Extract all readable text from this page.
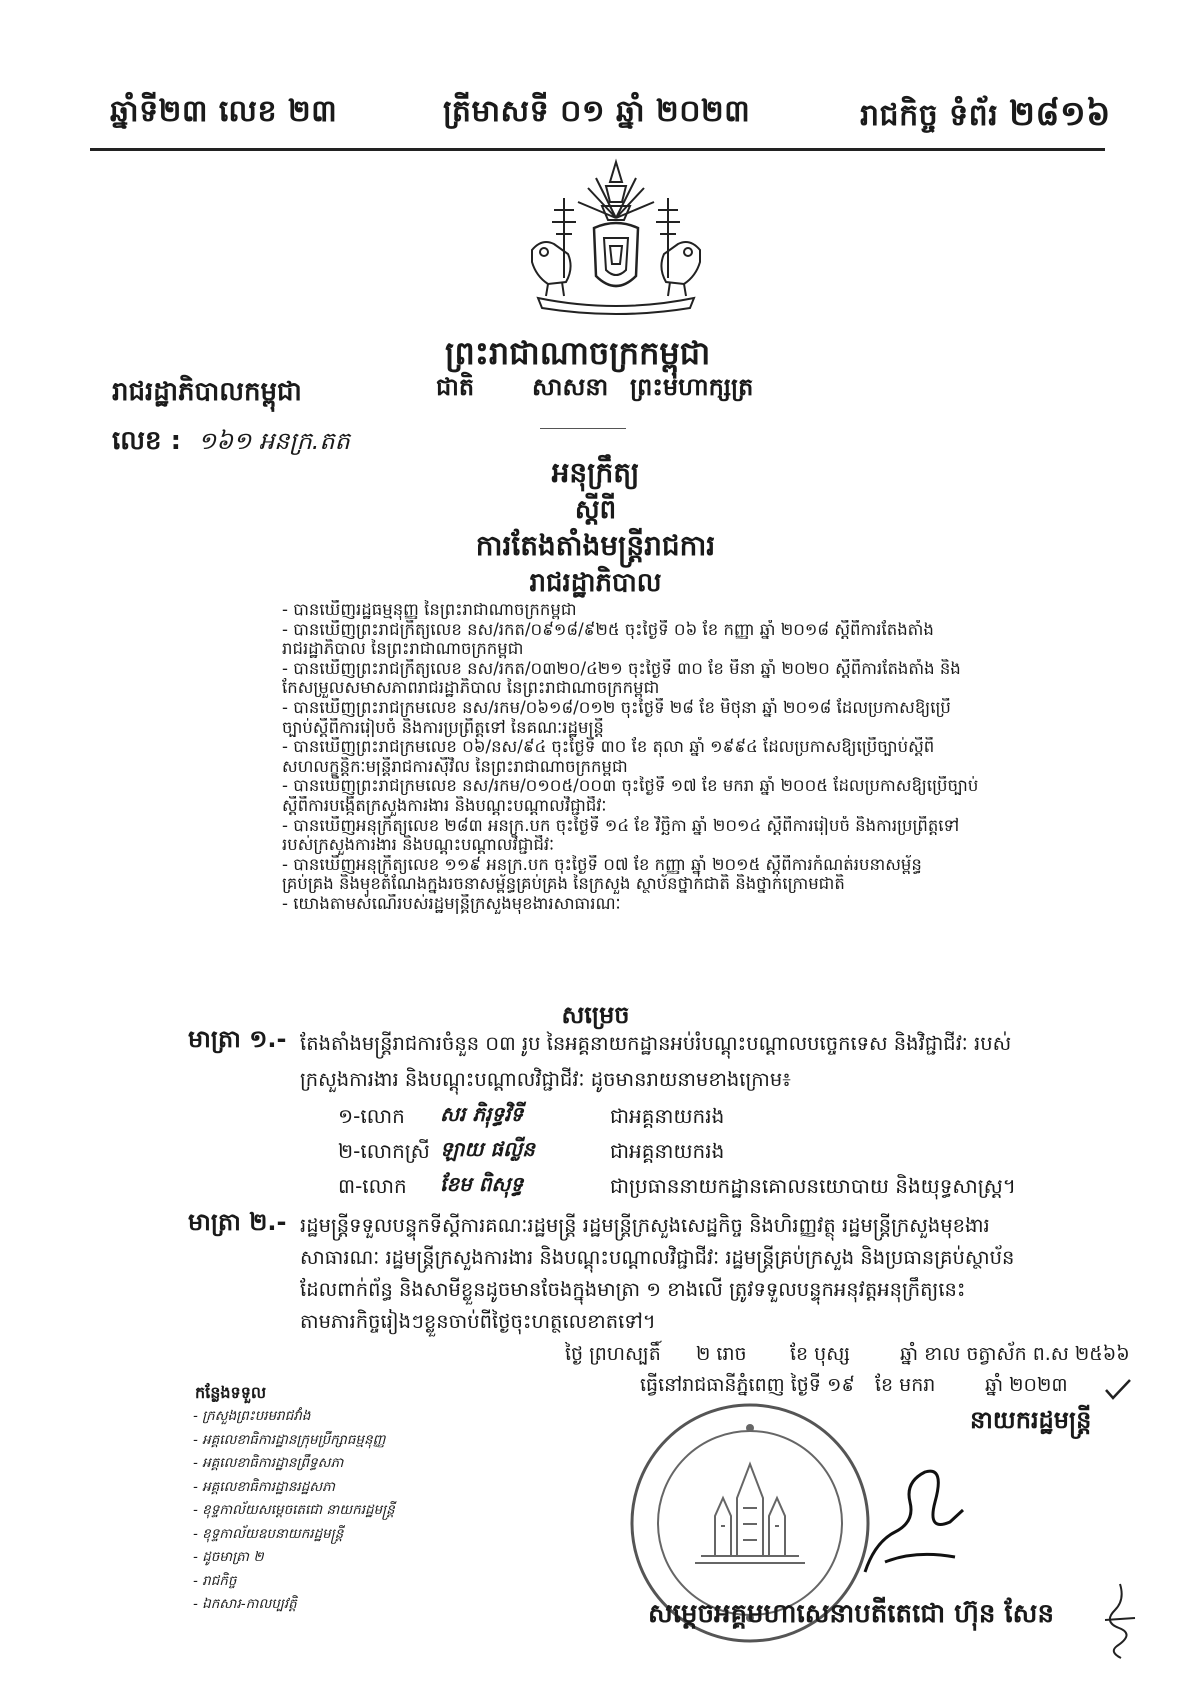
ឆ្នាំទី២៣ លេខ ២៣	ត្រីមាសទី ០១ ឆ្នាំ ២០២៣	រាជកិច្ច ទំព័រ ២៨១៦
ព្រះរាជាណាចក្រកម្ពុជា
ជាតិ សាសនា ព្រះមហាក្សត្រ
រាជរដ្ឋាភិបាលកម្ពុជា
លេខ : ១៦១ អនក្រ.តត
អនុក្រឹត្យ
ស្តីពី
ការតែងតាំងមន្ត្រីរាជការ
រាជរដ្ឋាភិបាល
- បានឃើញរដ្ឋធម្មនុញ្ញ នៃព្រះរាជាណាចក្រកម្ពុជា
- បានឃើញព្រះរាជក្រឹត្យលេខ នស/រកត/០៩១៨/៩២៥ ចុះថ្ងៃទី ០៦ ខែ កញ្ញា ឆ្នាំ ២០១៨ ស្តីពីការតែងតាំង
រាជរដ្ឋាភិបាល នៃព្រះរាជាណាចក្រកម្ពុជា
- បានឃើញព្រះរាជក្រឹត្យលេខ នស/រកត/០៣២០/៤២១ ចុះថ្ងៃទី ៣០ ខែ មីនា ឆ្នាំ ២០២០ ស្តីពីការតែងតាំង និង
កែសម្រួលសមាសភាពរាជរដ្ឋាភិបាល នៃព្រះរាជាណាចក្រកម្ពុជា
- បានឃើញព្រះរាជក្រមលេខ នស/រកម/០៦១៨/០១២ ចុះថ្ងៃទី ២៨ ខែ មិថុនា ឆ្នាំ ២០១៨ ដែលប្រកាសឱ្យប្រើ
ច្បាប់ស្តីពីការរៀបចំ និងការប្រព្រឹត្តទៅ នៃគណៈរដ្ឋមន្ត្រី
- បានឃើញព្រះរាជក្រមលេខ ០៦/នស/៩៤ ចុះថ្ងៃទី ៣០ ខែ តុលា ឆ្នាំ ១៩៩៤ ដែលប្រកាសឱ្យប្រើច្បាប់ស្តីពី
សហលក្ខន្តិកៈមន្ត្រីរាជការស៊ីវិល នៃព្រះរាជាណាចក្រកម្ពុជា
- បានឃើញព្រះរាជក្រមលេខ នស/រកម/០១០៥/០០៣ ចុះថ្ងៃទី ១៧ ខែ មករា ឆ្នាំ ២០០៥ ដែលប្រកាសឱ្យប្រើច្បាប់
ស្តីពីការបង្កើតក្រសួងការងារ និងបណ្តុះបណ្តាលវិជ្ជាជីវៈ
- បានឃើញអនុក្រឹត្យលេខ ២៨៣ អនក្រ.បក ចុះថ្ងៃទី ១៤ ខែ វិច្ឆិកា ឆ្នាំ ២០១៤ ស្តីពីការរៀបចំ និងការប្រព្រឹត្តទៅ
របស់ក្រសួងការងារ និងបណ្តុះបណ្តាលវិជ្ជាជីវៈ
- បានឃើញអនុក្រឹត្យលេខ ១១៩ អនក្រ.បក ចុះថ្ងៃទី ០៧ ខែ កញ្ញា ឆ្នាំ ២០១៥ ស្តីពីការកំណត់របនាសម្ព័ន្ធ
គ្រប់គ្រង និងមុខតំណែងក្នុងរចនាសម្ព័ន្ធគ្រប់គ្រង នៃក្រសួង ស្ថាប័នថ្នាក់ជាតិ និងថ្នាក់ក្រោមជាតិ
- យោងតាមសំណើរបស់រដ្ឋមន្ត្រីក្រសួងមុខងារសាធារណៈ
សម្រេច
មាត្រា ១.- តែងតាំងមន្ត្រីរាជការចំនួន ០៣ រូប នៃអគ្គនាយកដ្ឋានអប់រំបណ្តុះបណ្តាលបច្ចេកទេស និងវិជ្ជាជីវៈ របស់
ក្រសួងការងារ និងបណ្តុះបណ្តាលវិជ្ជាជីវៈ ដូចមានរាយនាមខាងក្រោម៖
១-លោក សរ ភិរុទ្ធវិទី	ជាអគ្គនាយករង
២-លោកស្រី ឡាយ ផល្លីន	ជាអគ្គនាយករង
៣-លោក ខែម ពិសុទ្ធ	ជាប្រធាននាយកដ្ឋានគោលនយោបាយ និងយុទ្ធសាស្ត្រ។
មាត្រា ២.- រដ្ឋមន្ត្រីទទួលបន្ទុកទីស្តីការគណៈរដ្ឋមន្ត្រី រដ្ឋមន្ត្រីក្រសួងសេដ្ឋកិច្ច និងហិរញ្ញវត្ថុ រដ្ឋមន្ត្រីក្រសួងមុខងារ
សាធារណៈ រដ្ឋមន្ត្រីក្រសួងការងារ និងបណ្តុះបណ្តាលវិជ្ជាជីវៈ រដ្ឋមន្ត្រីគ្រប់ក្រសួង និងប្រធានគ្រប់ស្ថាប័ន
ដែលពាក់ព័ន្ធ និងសាមីខ្លួនដូចមានចែងក្នុងមាត្រា ១ ខាងលើ ត្រូវទទួលបន្ទុកអនុវត្តអនុក្រឹត្យនេះ
តាមភារកិច្ចរៀងៗខ្លួនចាប់ពីថ្ងៃចុះហត្ថលេខាតទៅ។
ថ្ងៃ ព្រហស្បតិ៍ ២ រោច ខែ បុស្ស	ឆ្នាំ ខាល ចត្វាស័ក ព.ស ២៥៦៦
ធ្វើនៅរាជធានីភ្នំពេញ ថ្ងៃទី ១៩ ខែ មករា	ឆ្នាំ ២០២៣
នាយករដ្ឋមន្ត្រី
សម្តេចអគ្គមហាសេនាបតីតេជោ ហ៊ុន សែន
កន្លែងទទួល
- ក្រសួងព្រះបរមរាជវាំង
- អគ្គលេខាធិការដ្ឋានក្រុមប្រឹក្សាធម្មនុញ្ញ
- អគ្គលេខាធិការដ្ឋានព្រឹទ្ធសភា
- អគ្គលេខាធិការដ្ឋានរដ្ឋសភា
- ខុទ្ទកាល័យសម្តេចតេជោ នាយករដ្ឋមន្ត្រី
- ខុទ្ទកាល័យឧបនាយករដ្ឋមន្ត្រី
- ដូចមាត្រា ២
- រាជកិច្ច
- ឯកសារ-កាលប្បវត្តិ
